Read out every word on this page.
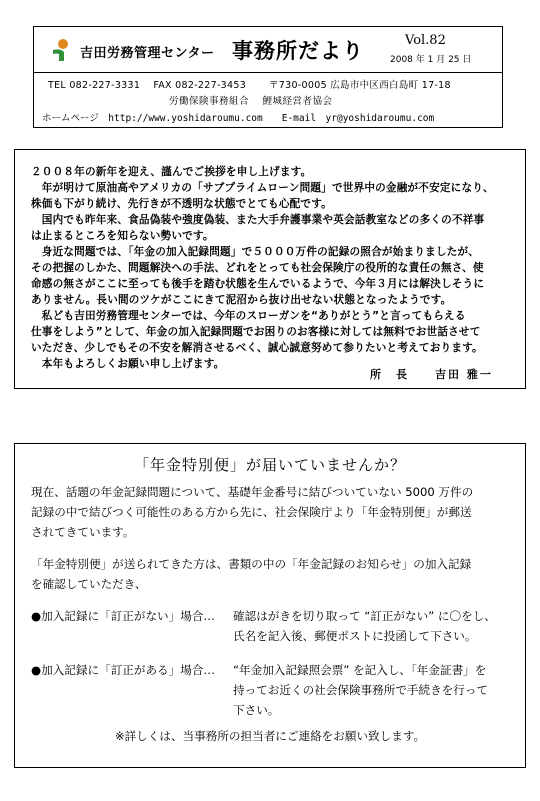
吉田労務管理センター 事務所だより	Vol.82
2008 年 1 月 25 日
TEL 082-227-3331　 FAX 082-227-3453　　 〒730-0005 広島市中区西白島町 17-18
労働保険事務組合　 鯉城経営者協会
ホームページ　http://www.yoshidaroumu.com　　E-mail　yr@yoshidaroumu.com
２００８年の新年を迎え、謹んでご挨拶を申し上げます。
　年が明けて原油高やアメリカの「サブプライムローン問題」で世界中の金融が不安定になり、
株価も下がり続け、先行きが不透明な状態でとても心配です。
　国内でも昨年来、食品偽装や強度偽装、また大手弁護事業や英会話教室などの多くの不祥事
は止まるところを知らない勢いです。
　身近な問題では、「年金の加入記録問題」で５０００万件の記録の照合が始まりましたが、
その把握のしかた、問題解決への手法、どれをとっても社会保険庁の役所的な責任の無さ、使
命感の無さがここに至っても後手を踏む状態を生んでいるようで、今年３月には解決しそうに
ありません。長い間のツケがここにきて泥沼から抜け出せない状態となったようです。
　私ども吉田労務管理センターでは、今年のスローガンを“ありがとう”と言ってもらえる
仕事をしよう”として、年金の加入記録問題でお困りのお客様に対しては無料でお世話させて
いただき、少しでもその不安を解消させるべく、誠心誠意努めて参りたいと考えております。
　本年もよろしくお願い申し上げます。
所　長　　吉田 雅一
「年金特別便」が届いていませんか？
現在、話題の年金記録問題について、基礎年金番号に結びついていない 5000 万件の
記録の中で結びつく可能性のある方から先に、社会保険庁より「年金特別便」が郵送
されてきています。
「年金特別便」が送られてきた方は、書類の中の「年金記録のお知らせ」の加入記録
を確認していただき、
●加入記録に「訂正がない」場合… 確認はがきを切り取って “訂正がない” に〇をし、
氏名を記入後、郵便ポストに投函して下さい。
●加入記録に「訂正がある」場合… “年金加入記録照会票” を記入し、「年金証書」を
持ってお近くの社会保険事務所で手続きを行って
下さい。
※詳しくは、当事務所の担当者にご連絡をお願い致します。
